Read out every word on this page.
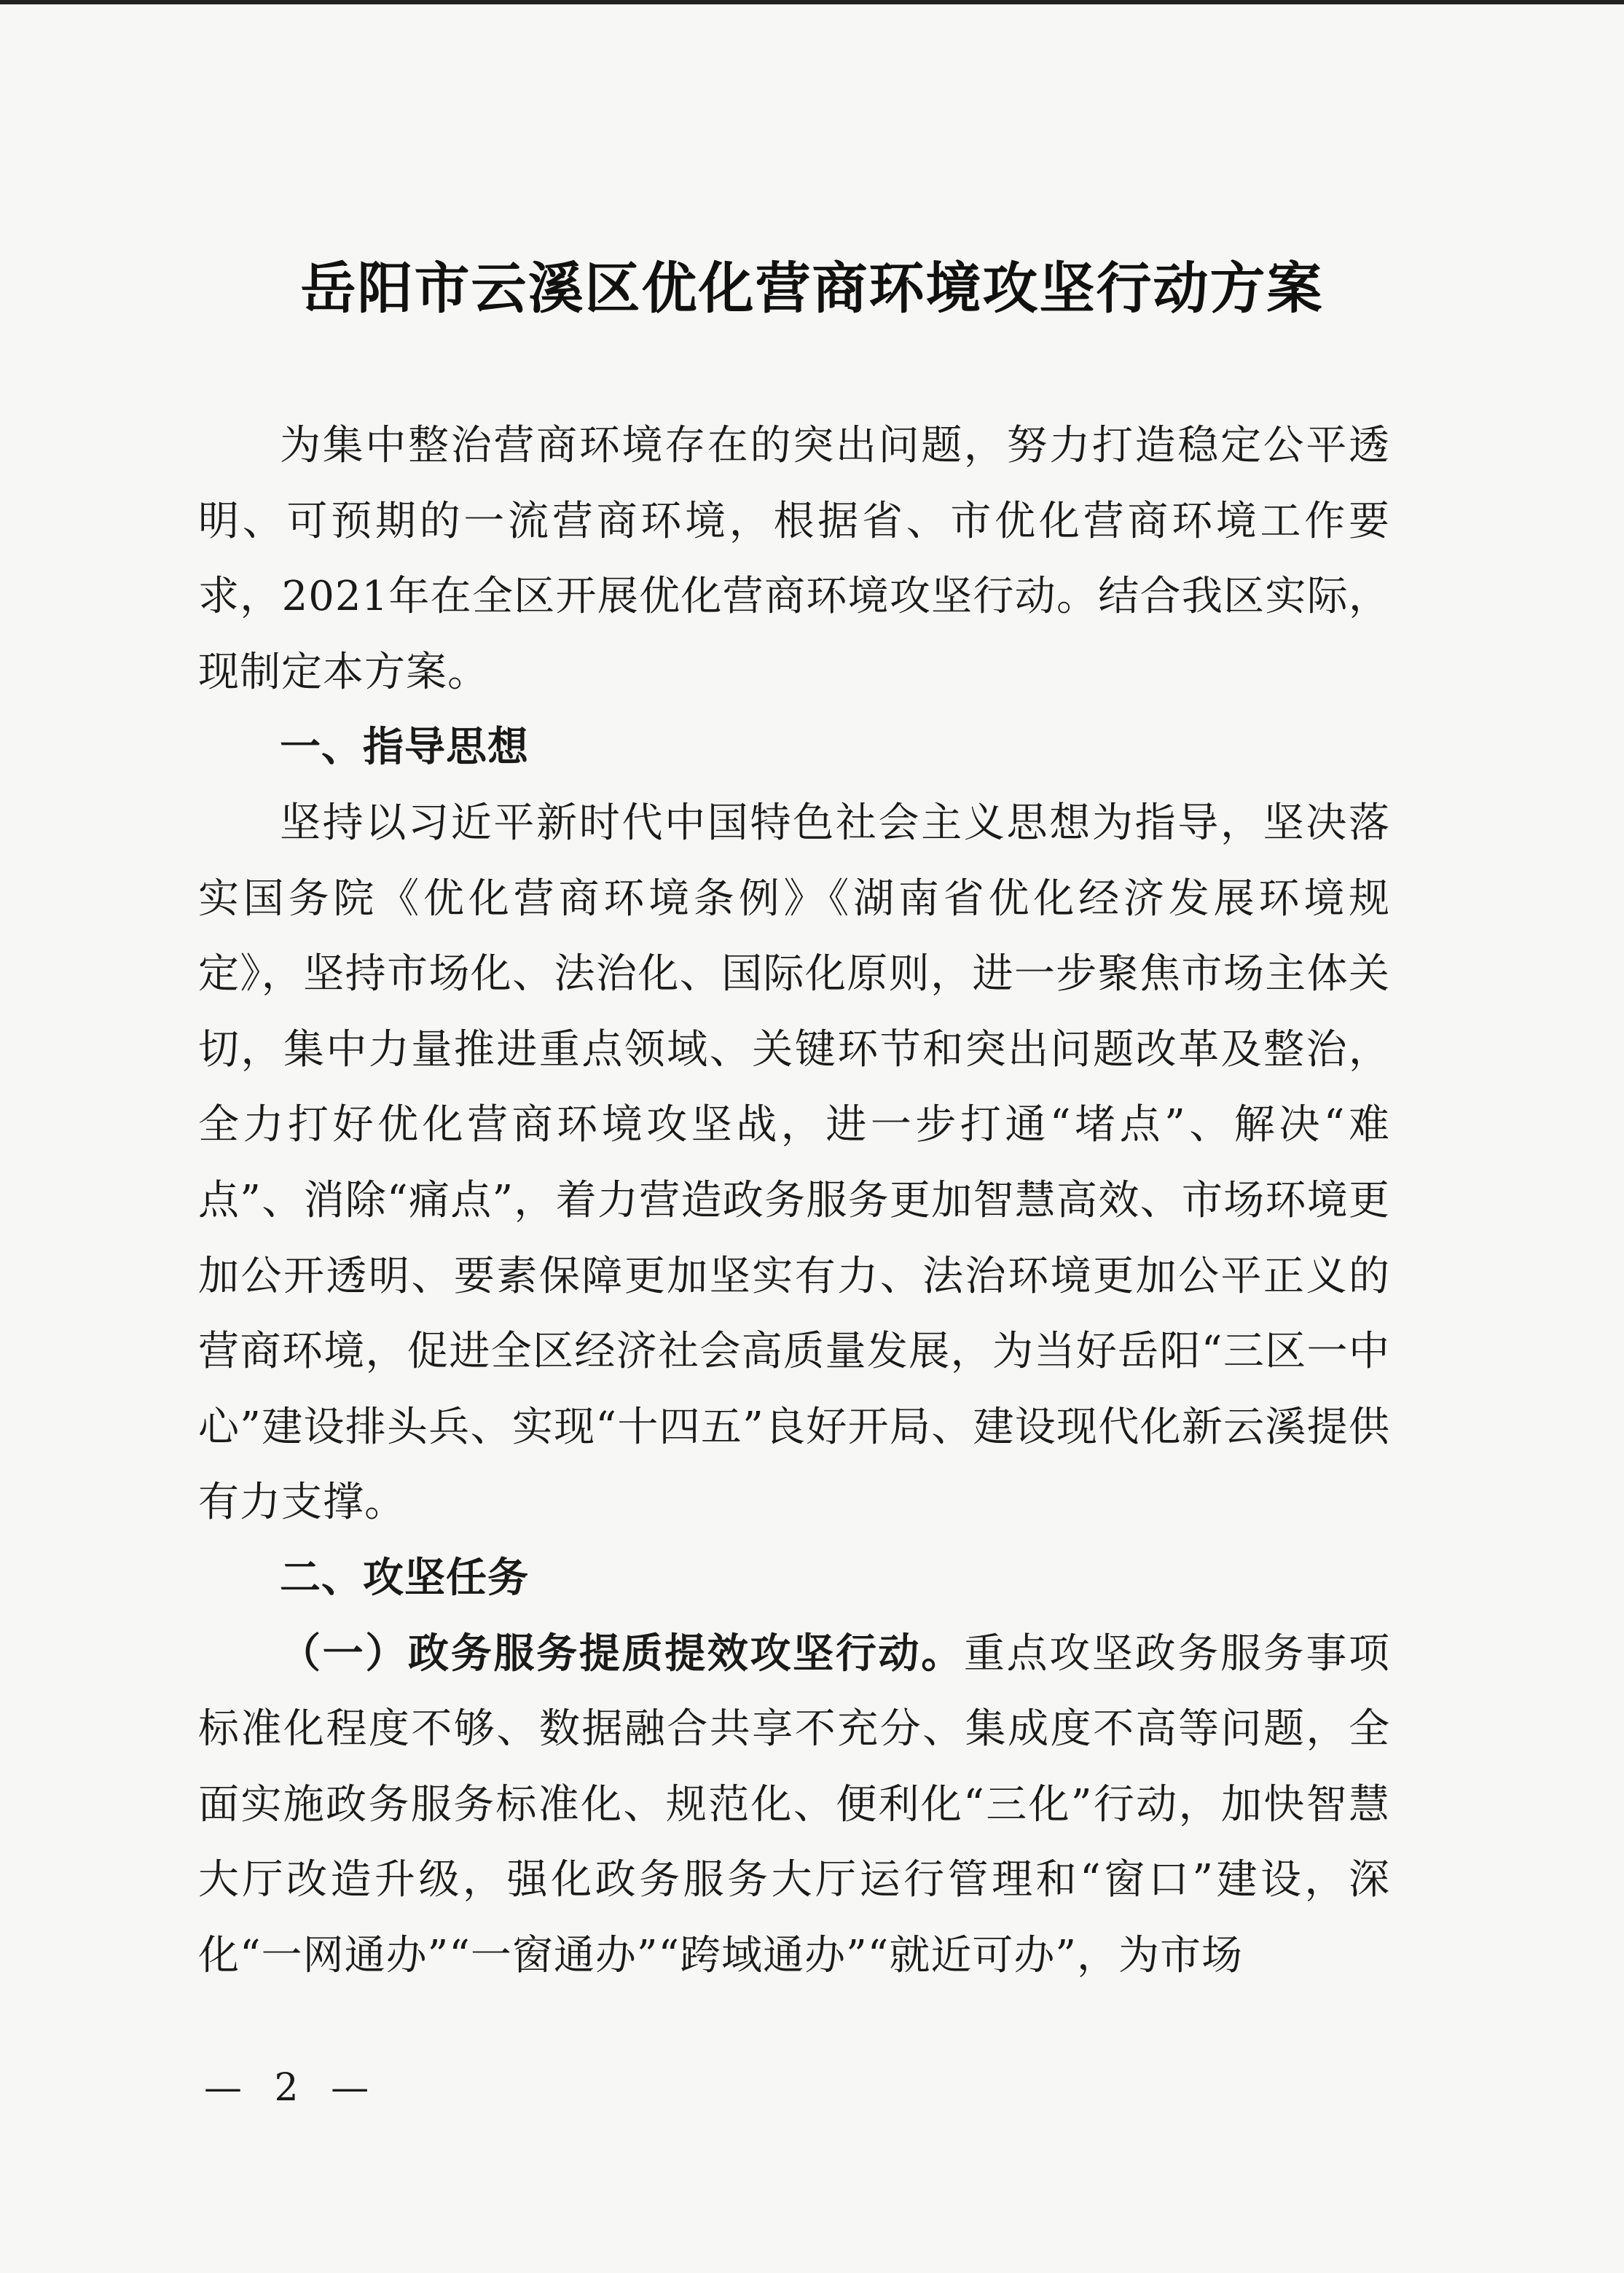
岳阳市云溪区优化营商环境攻坚行动方案

为集中整治营商环境存在的突出问题，努力打造稳定公平透明、可预期的一流营商环境，根据省、市优化营商环境工作要求，2021年在全区开展优化营商环境攻坚行动。结合我区实际，现制定本方案。

一、指导思想

坚持以习近平新时代中国特色社会主义思想为指导，坚决落实国务院《优化营商环境条例》《湖南省优化经济发展环境规定》，坚持市场化、法治化、国际化原则，进一步聚焦市场主体关切，集中力量推进重点领域、关键环节和突出问题改革及整治，全力打好优化营商环境攻坚战，进一步打通“堵点”、解决“难点”、消除“痛点”，着力营造政务服务更加智慧高效、市场环境更加公开透明、要素保障更加坚实有力、法治环境更加公平正义的营商环境，促进全区经济社会高质量发展，为当好岳阳“三区一中心”建设排头兵、实现“十四五”良好开局、建设现代化新云溪提供有力支撑。

二、攻坚任务

（一）政务服务提质提效攻坚行动。重点攻坚政务服务事项标准化程度不够、数据融合共享不充分、集成度不高等问题，全面实施政务服务标准化、规范化、便利化“三化”行动，加快智慧大厅改造升级，强化政务服务大厅运行管理和“窗口”建设，深化“一网通办”“一窗通办”“跨域通办”“就近可办”，为市场

— 2 —
